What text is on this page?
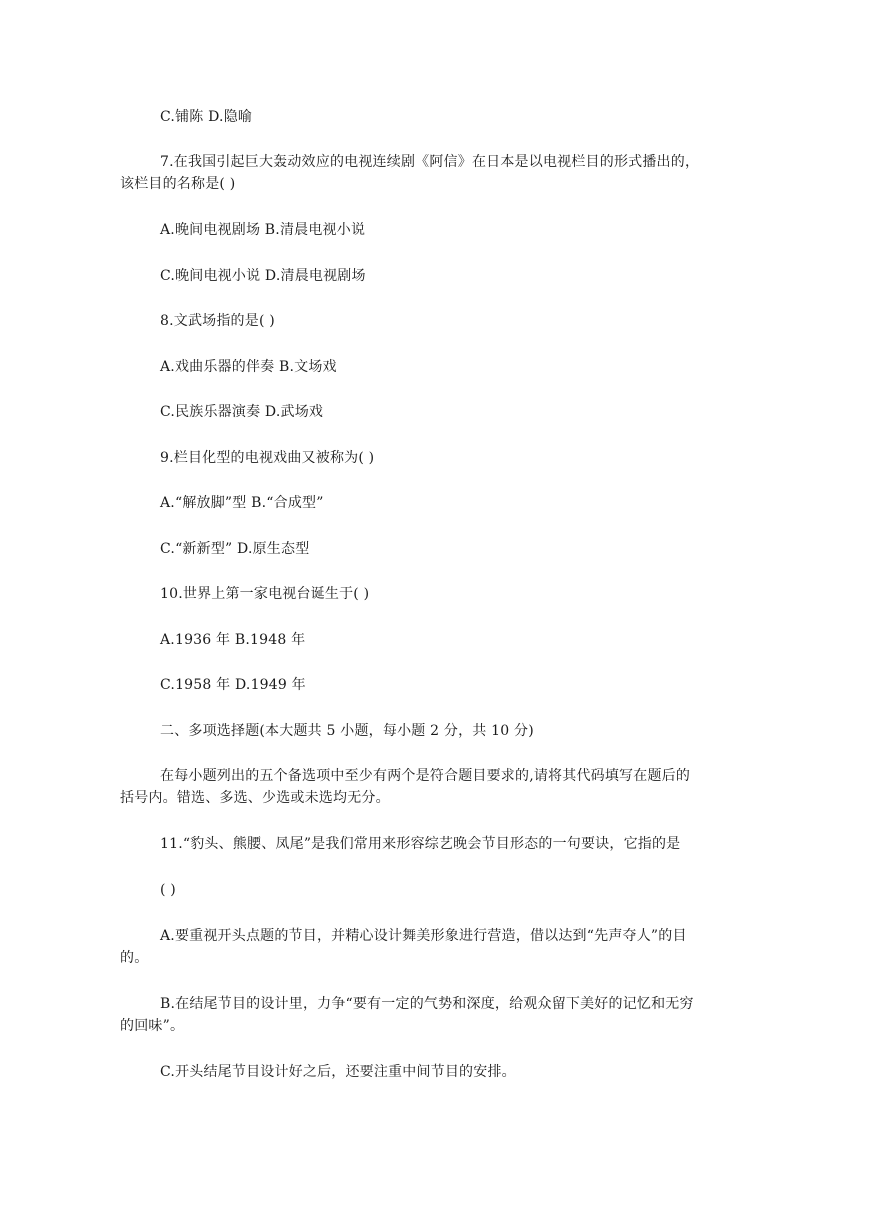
C.铺陈 D.隐喻
7.在我国引起巨大轰动效应的电视连续剧《阿信》在日本是以电视栏目的形式播出的，
该栏目的名称是( )
A.晚间电视剧场 B.清晨电视小说
C.晚间电视小说 D.清晨电视剧场
8.文武场指的是( )
A.戏曲乐器的伴奏 B.文场戏
C.民族乐器演奏 D.武场戏
9.栏目化型的电视戏曲又被称为( )
A.“解放脚”型 B.“合成型”
C.“新新型” D.原生态型
10.世界上第一家电视台诞生于( )
A.1936 年 B.1948 年
C.1958 年 D.1949 年
二、多项选择题(本大题共 5 小题，每小题 2 分，共 10 分)
在每小题列出的五个备选项中至少有两个是符合题目要求的,请将其代码填写在题后的
括号内。错选、多选、少选或未选均无分。
11.“豹头、熊腰、凤尾”是我们常用来形容综艺晚会节目形态的一句要诀，它指的是
( )
A.要重视开头点题的节目，并精心设计舞美形象进行营造，借以达到“先声夺人”的目
的。
B.在结尾节目的设计里，力争“要有一定的气势和深度，给观众留下美好的记忆和无穷
的回味”。
C.开头结尾节目设计好之后，还要注重中间节目的安排。
